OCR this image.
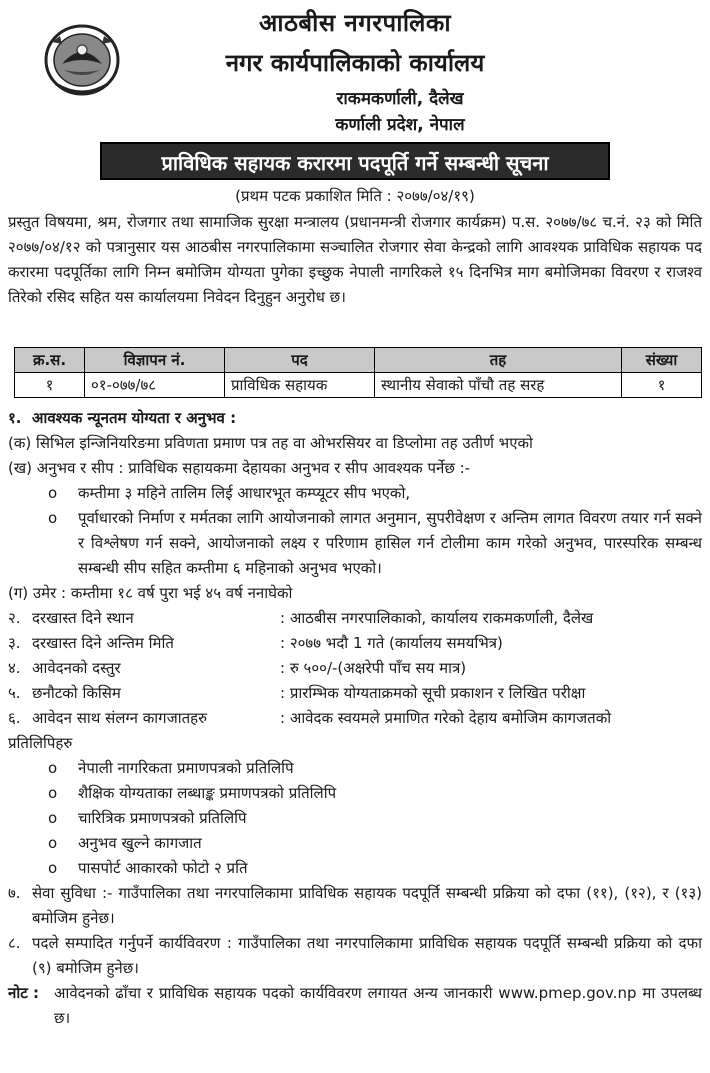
आठबीस नगरपालिका
नगर कार्यपालिकाको कार्यालय
राकमकर्णाली, दैलेख
कर्णाली प्रदेश, नेपाल
प्राविधिक सहायक करारमा पदपूर्ति गर्ने सम्बन्धी सूचना
(प्रथम पटक प्रकाशित मिति : २०७७/०४/१९)
प्रस्तुत विषयमा, श्रम, रोजगार तथा सामाजिक सुरक्षा मन्त्रालय (प्रधानमन्त्री रोजगार कार्यक्रम) प.स. २०७७/७८ च.नं. २३ को मिति २०७७/०४/१२ को पत्रानुसार यस आठबीस नगरपालिकामा सञ्चालित रोजगार सेवा केन्द्रको लागि आवश्यक प्राविधिक सहायक पद करारमा पदपूर्तिका लागि निम्न बमोजिम योग्यता पुगेका इच्छुक नेपाली नागरिकले १५ दिनभित्र माग बमोजिमका विवरण र राजश्व तिरेको रसिद सहित यस कार्यालयमा निवेदन दिनुहुन अनुरोध छ।
क्र.स.	विज्ञापन नं.	पद	तह	संख्या
१	०१-०७७/७८	प्राविधिक सहायक	स्थानीय सेवाको पाँचौ तह सरह	१
१. आवश्यक न्यूनतम योग्यता र अनुभव :
(क) सिभिल इन्जिनियरिङमा प्रविणता प्रमाण पत्र तह वा ओभरसियर वा डिप्लोमा तह उतीर्ण भएको
(ख) अनुभव र सीप : प्राविधिक सहायकमा देहायका अनुभव र सीप आवश्यक पर्नेछ :-
o	कम्तीमा ३ महिने तालिम लिई आधारभूत कम्प्यूटर सीप भएको,
o	पूर्वाधारको निर्माण र मर्मतका लागि आयोजनाको लागत अनुमान, सुपरीवेक्षण र अन्तिम लागत विवरण तयार गर्न सक्ने र विश्लेषण गर्न सक्ने, आयोजनाको लक्ष्य र परिणाम हासिल गर्न टोलीमा काम गरेको अनुभव, पारस्परिक सम्बन्ध सम्बन्धी सीप सहित कम्तीमा ६ महिनाको अनुभव भएको।
(ग) उमेर : कम्तीमा १८ वर्ष पुरा भई ४५ वर्ष ननाघेको
२. दरखास्त दिने स्थान	: आठबीस नगरपालिकाको, कार्यालय राकमकर्णाली, दैलेख
३. दरखास्त दिने अन्तिम मिति	: २०७७ भदौ 1 गते (कार्यालय समयभित्र)
४. आवेदनको दस्तुर	: रु ५००/-(अक्षरेपी पाँच सय मात्र)
५. छनौटको किसिम	: प्रारम्भिक योग्यताक्रमको सूची प्रकाशन र लिखित परीक्षा
६. आवेदन साथ संलग्न कागजातहरु	: आवेदक स्वयमले प्रमाणित गरेको देहाय बमोजिम कागजतको
प्रतिलिपिहरु
o	नेपाली नागरिकता प्रमाणपत्रको प्रतिलिपि
o	शैक्षिक योग्यताका लब्धाङ्क प्रमाणपत्रको प्रतिलिपि
o	चारित्रिक प्रमाणपत्रको प्रतिलिपि
o	अनुभव खुल्ने कागजात
o	पासपोर्ट आकारको फोटो २ प्रति
७. सेवा सुविधा :- गाउँपालिका तथा नगरपालिकामा प्राविधिक सहायक पदपूर्ति सम्बन्धी प्रक्रिया को दफा (११), (१२), र (१३) बमोजिम हुनेछ।
८. पदले सम्पादित गर्नुपर्ने कार्यविवरण : गाउँपालिका तथा नगरपालिकामा प्राविधिक सहायक पदपूर्ति सम्बन्धी प्रक्रिया को दफा (९) बमोजिम हुनेछ।
नोट :	आवेदनको ढाँचा र प्राविधिक सहायक पदको कार्यविवरण लगायत अन्य जानकारी www.pmep.gov.np मा उपलब्ध छ।
